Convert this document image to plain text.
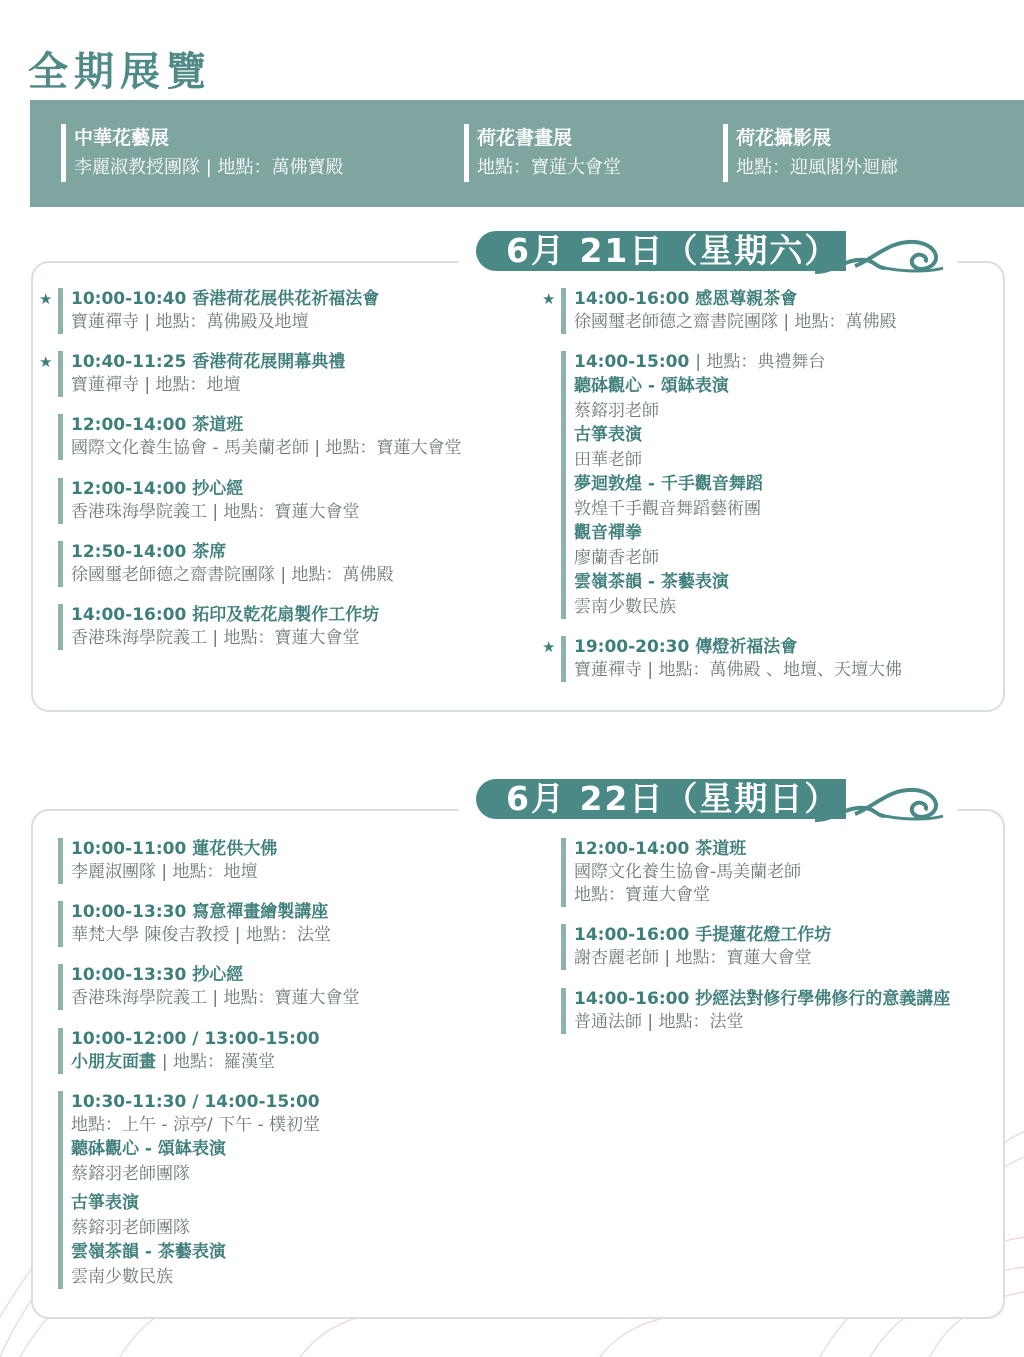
全期展覽
中華花藝展
李麗淑教授團隊 | 地點：萬佛寶殿
荷花書畫展
地點：寶蓮大會堂
荷花攝影展
地點：迎風閣外迴廊
6月 21日（星期六）
★ 10:00-10:40 香港荷花展供花祈福法會
寶蓮禪寺 | 地點：萬佛殿及地壇
★ 10:40-11:25 香港荷花展開幕典禮
寶蓮禪寺 | 地點：地壇
12:00-14:00 茶道班
國際文化養生協會 - 馬美蘭老師 | 地點：寶蓮大會堂
12:00-14:00 抄心經
香港珠海學院義工 | 地點：寶蓮大會堂
12:50-14:00 茶席
徐國璽老師德之齋書院團隊 | 地點：萬佛殿
14:00-16:00 拓印及乾花扇製作工作坊
香港珠海學院義工 | 地點：寶蓮大會堂
★ 14:00-16:00 感恩尊親茶會
徐國璽老師德之齋書院團隊 | 地點：萬佛殿
14:00-15:00 | 地點：典禮舞台
聽砵觀心 - 頌缽表演
蔡鎔羽老師
古箏表演
田華老師
夢迴敦煌 - 千手觀音舞蹈
敦煌千手觀音舞蹈藝術團
觀音禪拳
廖蘭香老師
雲嶺茶韻 - 茶藝表演
雲南少數民族
★ 19:00-20:30 傳燈祈福法會
寶蓮禪寺 | 地點：萬佛殿 、地壇、天壇大佛
6月 22日（星期日）
10:00-11:00 蓮花供大佛
李麗淑團隊 | 地點：地壇
10:00-13:30 寫意禪畫繪製講座
華梵大學 陳俊吉教授 | 地點：法堂
10:00-13:30 抄心經
香港珠海學院義工 | 地點：寶蓮大會堂
10:00-12:00 / 13:00-15:00
小朋友面畫 | 地點：羅漢堂
10:30-11:30 / 14:00-15:00
地點：上午 - 涼亭/ 下午 - 樸初堂
聽砵觀心 - 頌缽表演
蔡鎔羽老師團隊
古箏表演
蔡鎔羽老師團隊
雲嶺茶韻 - 茶藝表演
雲南少數民族
12:00-14:00 茶道班
國際文化養生協會-馬美蘭老師
地點：寶蓮大會堂
14:00-16:00 手提蓮花燈工作坊
謝杏麗老師 | 地點：寶蓮大會堂
14:00-16:00 抄經法對修行學佛修行的意義講座
普通法師 | 地點：法堂
